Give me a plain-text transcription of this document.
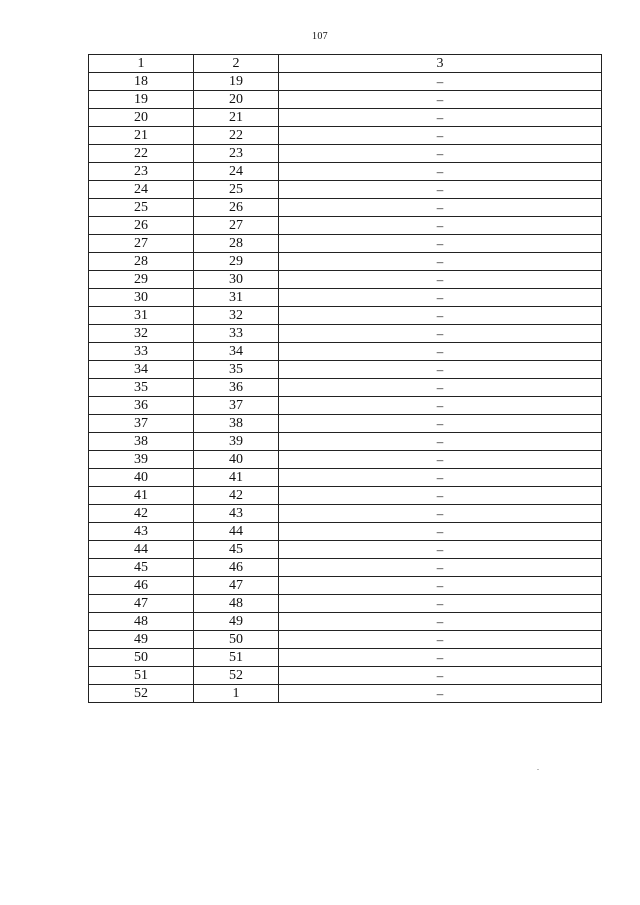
107
1	2	3
18	19	–
19	20	–
20	21	–
21	22	–
22	23	–
23	24	–
24	25	–
25	26	–
26	27	–
27	28	–
28	29	–
29	30	–
30	31	–
31	32	–
32	33	–
33	34	–
34	35	–
35	36	–
36	37	–
37	38	–
38	39	–
39	40	–
40	41	–
41	42	–
42	43	–
43	44	–
44	45	–
45	46	–
46	47	–
47	48	–
48	49	–
49	50	–
50	51	–
51	52	–
52	1	–
